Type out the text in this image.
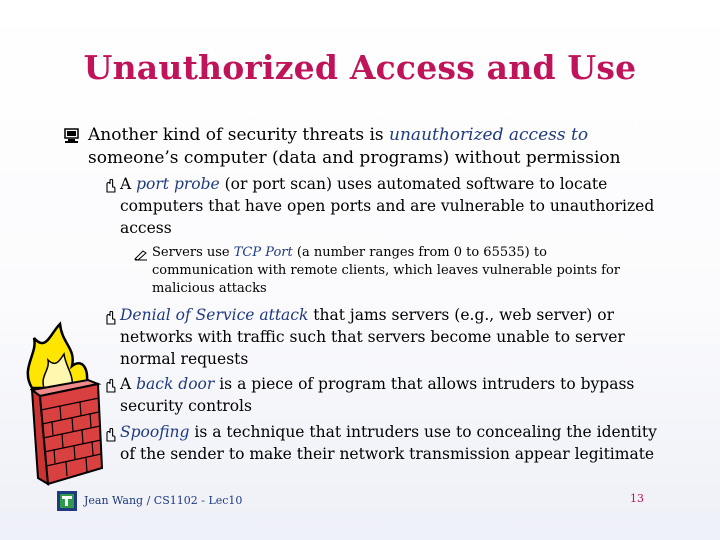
Unauthorized Access and Use
Another kind of security threats is unauthorized access to
someone’s computer (data and programs) without permission
A port probe (or port scan) uses automated software to locate computers that have open ports and are vulnerable to unauthorized access
Servers use TCP Port (a number ranges from 0 to 65535) to communication with remote clients, which leaves vulnerable points for malicious attacks
Denial of Service attack that jams servers (e.g., web server) or networks with traffic such that servers become unable to server normal requests
A back door is a piece of program that allows intruders to bypass security controls
Spoofing is a technique that intruders use to concealing the identity of the sender to make their network transmission appear legitimate
Jean Wang / CS1102 - Lec10	13
